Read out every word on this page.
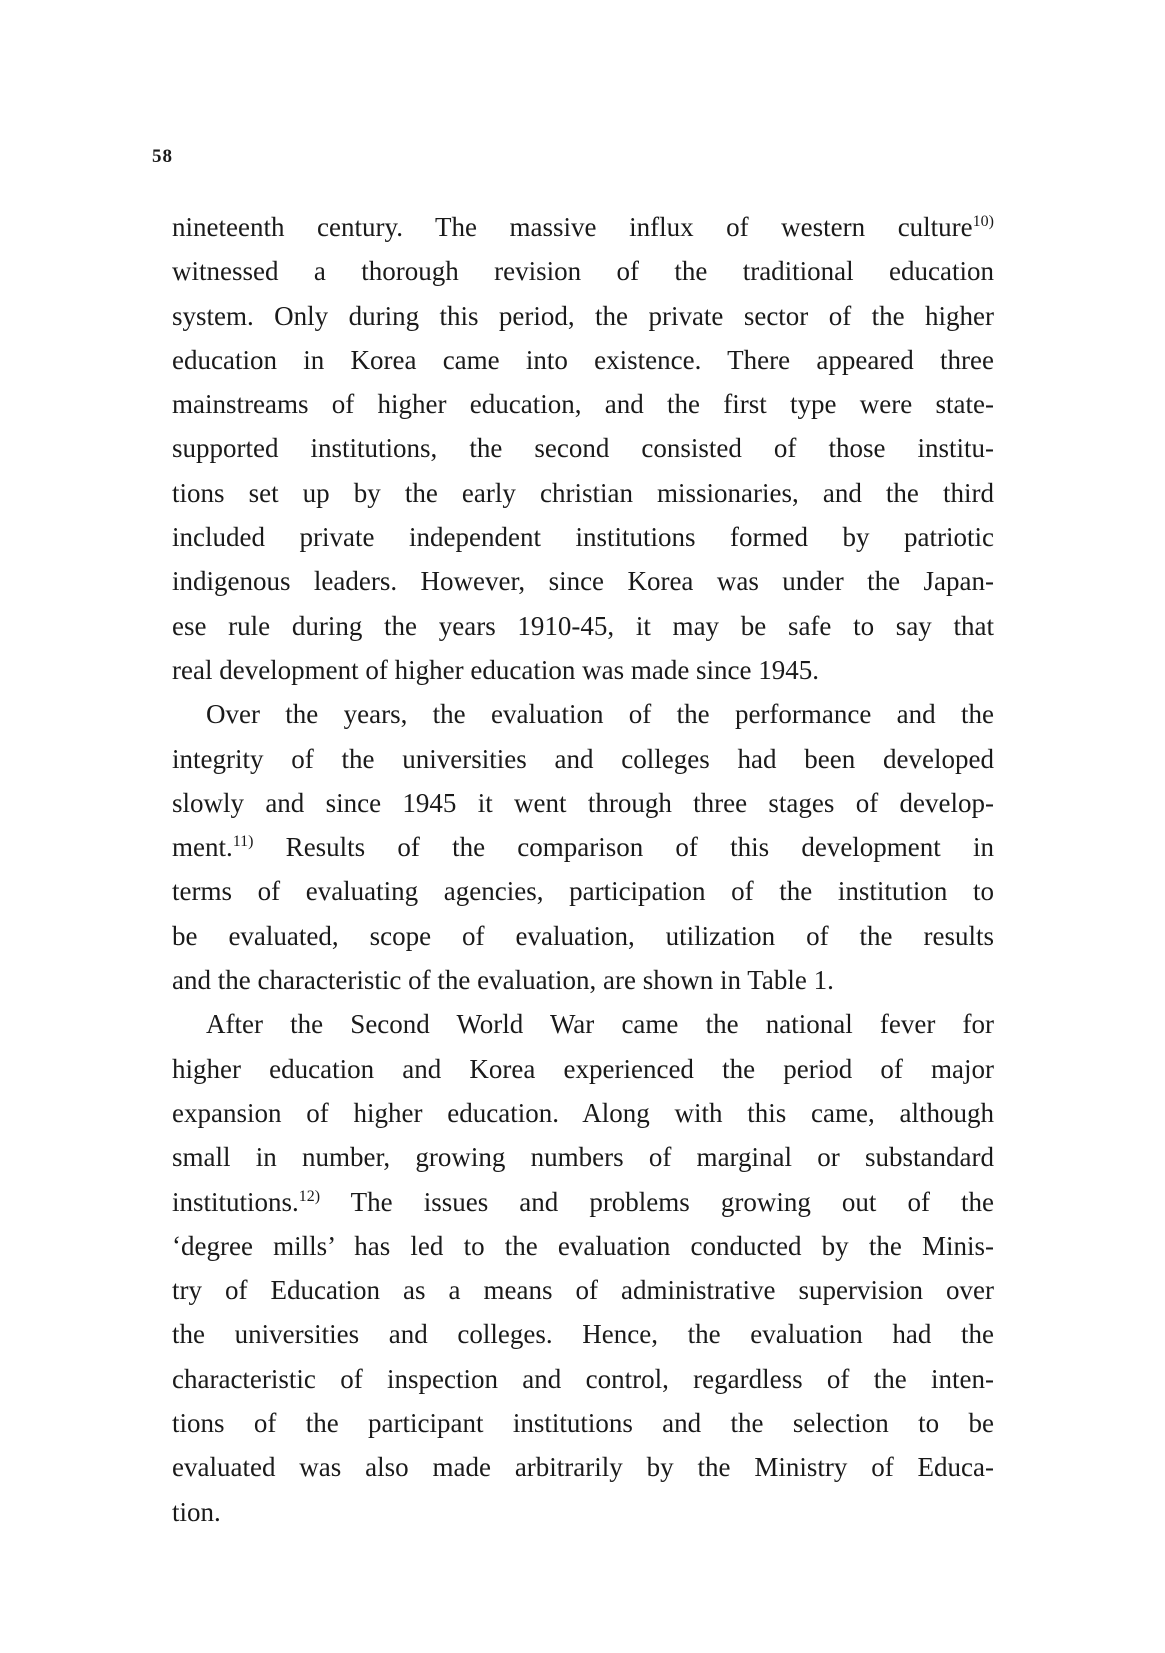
58
nineteenth century. The massive influx of western culture$^{10)}$
witnessed a thorough revision of the traditional education
system. Only during this period, the private sector of the higher
education in Korea came into existence. There appeared three
mainstreams of higher education, and the first type were state-
supported institutions, the second consisted of those institu-
tions set up by the early christian missionaries, and the third
included private independent institutions formed by patriotic
indigenous leaders. However, since Korea was under the Japan-
ese rule during the years 1910-45, it may be safe to say that
real development of higher education was made since 1945.
Over the years, the evaluation of the performance and the
integrity of the universities and colleges had been developed
slowly and since 1945 it went through three stages of develop-
ment.$^{11)}$ Results of the comparison of this development in
terms of evaluating agencies, participation of the institution to
be evaluated, scope of evaluation, utilization of the results
and the characteristic of the evaluation, are shown in Table 1.
After the Second World War came the national fever for
higher education and Korea experienced the period of major
expansion of higher education. Along with this came, although
small in number, growing numbers of marginal or substandard
institutions.$^{12)}$ The issues and problems growing out of the
‘degree mills’ has led to the evaluation conducted by the Minis-
try of Education as a means of administrative supervision over
the universities and colleges. Hence, the evaluation had the
characteristic of inspection and control, regardless of the inten-
tions of the participant institutions and the selection to be
evaluated was also made arbitrarily by the Ministry of Educa-
tion.
